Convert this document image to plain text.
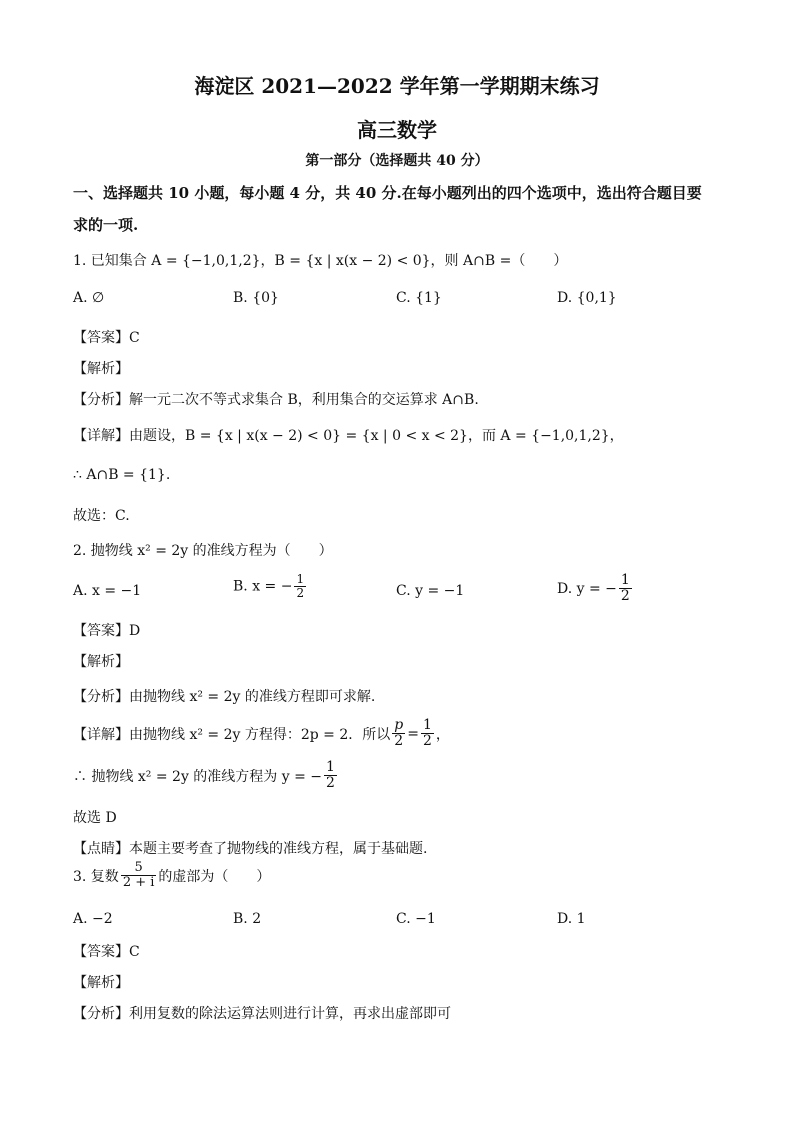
海淀区 2021—2022 学年第一学期期末练习
高三数学
第一部分（选择题共 40 分）
一、选择题共 10 小题，每小题 4 分，共 40 分.在每小题列出的四个选项中，选出符合题目要
求的一项.
1. 已知集合 A = {−1,0,1,2}，B = {x | x(x − 2) < 0}，则 A∩B =（　　）
A. ∅	B. {0}	C. {1}	D. {0,1}
【答案】C
【解析】
【分析】解一元二次不等式求集合 B，利用集合的交运算求 A∩B.
【详解】由题设，B = {x | x(x − 2) < 0} = {x | 0 < x < 2}，而 A = {−1,0,1,2}，
∴ A∩B = {1}.
故选：C.
2. 抛物线 x² = 2y 的准线方程为（　　）
A. x = −1	B. x = − $\frac{1}{2}$	C. y = −1	D. y = − $\frac{1}{2}$
【答案】D
【解析】
【分析】由抛物线 x² = 2y 的准线方程即可求解.
【详解】由抛物线 x² = 2y 方程得：2p = 2．所以 $\frac{p}{2} = \frac{1}{2}$ ，
∴ 抛物线 x² = 2y 的准线方程为 y = − $\frac{1}{2}$
故选 D
【点睛】本题主要考查了抛物线的准线方程，属于基础题.
3. 复数 $\frac{5}{2 + i}$ 的虚部为（　　）
A. −2	B. 2	C. −1	D. 1
【答案】C
【解析】
【分析】利用复数的除法运算法则进行计算，再求出虚部即可
